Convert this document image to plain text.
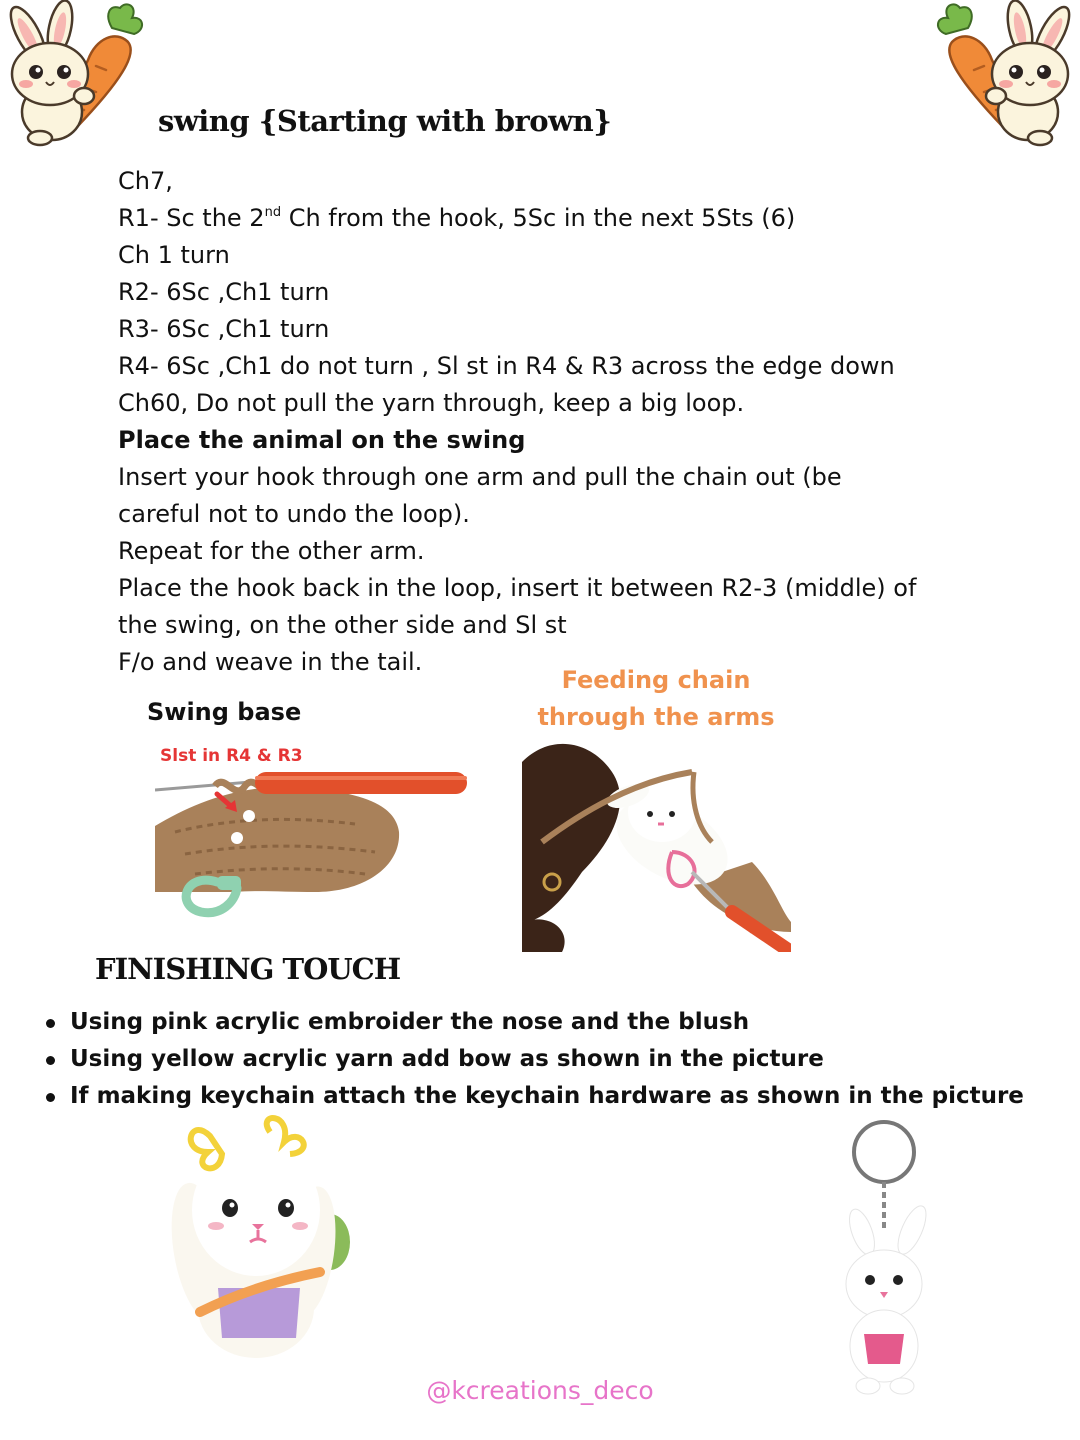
swing {Starting with brown}
Ch7,
R1- Sc the 2nd Ch from the hook, 5Sc in the next 5Sts (6)
Ch 1 turn
R2- 6Sc ,Ch1 turn
R3- 6Sc ,Ch1 turn
R4- 6Sc ,Ch1 do not turn , Sl st in R4 & R3 across the edge down
Ch60, Do not pull the yarn through, keep a big loop.
Place the animal on the swing
Insert your hook through one arm and pull the chain out (be
careful not to undo the loop).
Repeat for the other arm.
Place the hook back in the loop, insert it between R2-3 (middle) of
the swing, on the other side and Sl st
F/o and weave in the tail.
Swing base
Feeding chain
through the arms
Slst in R4 & R3
FINISHING TOUCH
Using pink acrylic embroider the nose and the blush
Using yellow acrylic yarn add bow as shown in the picture
If making keychain attach the keychain hardware as shown in the picture
@kcreations_deco
